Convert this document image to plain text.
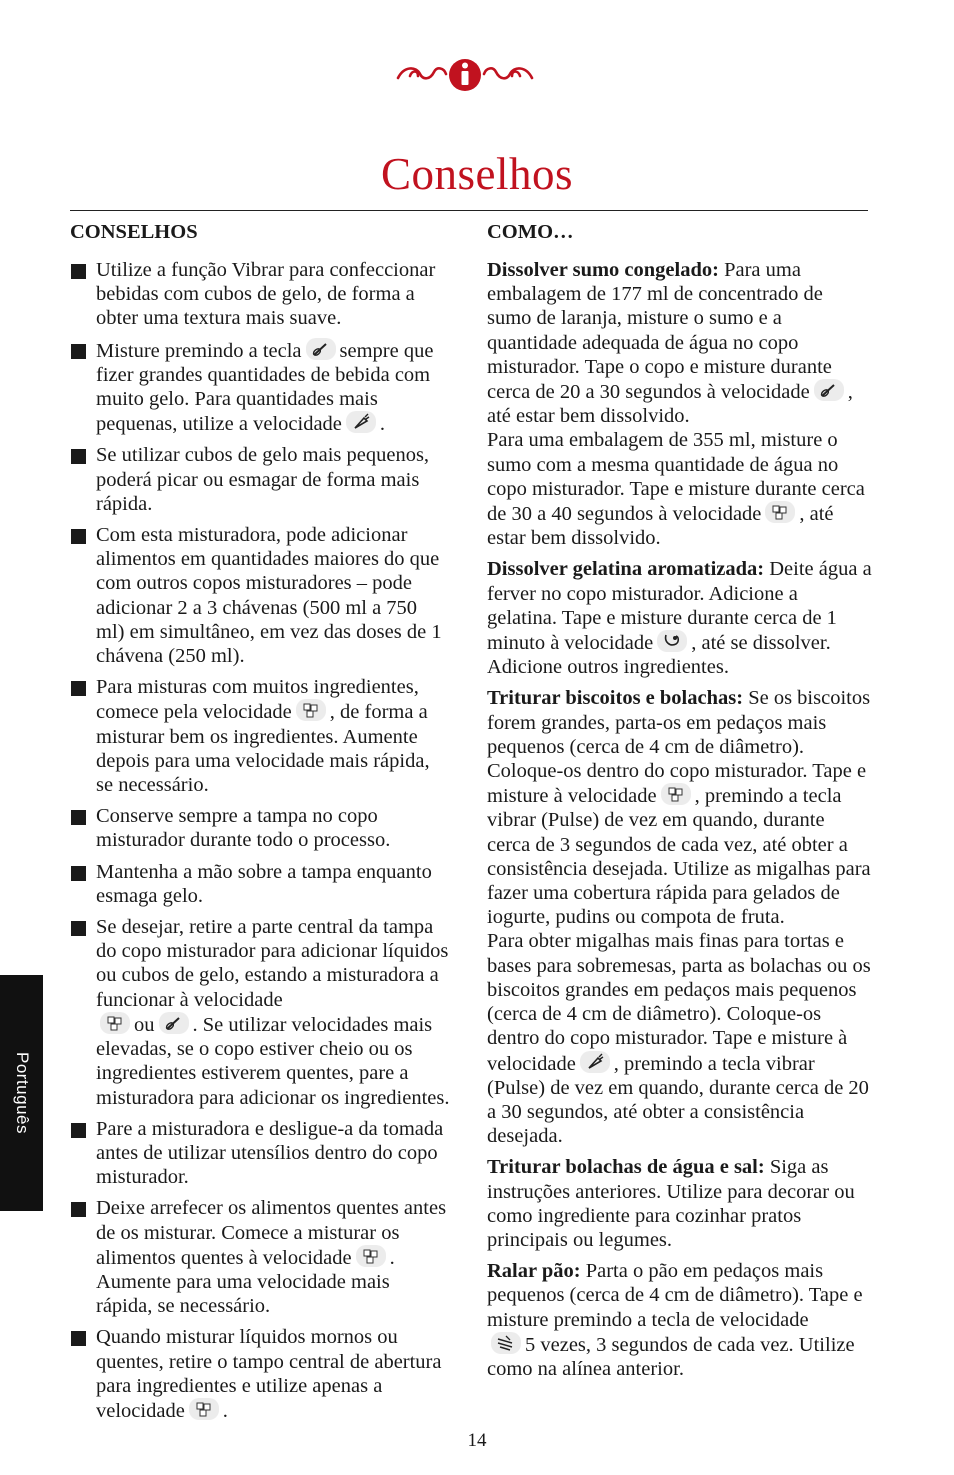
Conselhos
CONSELHOS
Utilize a função Vibrar para confeccionar bebidas com cubos de gelo, de forma a obter uma textura mais suave.
Misture premindo a tecla sempre que fizer grandes quantidades de bebida com muito gelo. Para quantidades mais pequenas, utilize a velocidade .
Se utilizar cubos de gelo mais pequenos, poderá picar ou esmagar de forma mais rápida.
Com esta misturadora, pode adicionar alimentos em quantidades maiores do que com outros copos misturadores – pode adicionar 2 a 3 chávenas (500 ml a 750 ml) em simultâneo, em vez das doses de 1 chávena (250 ml).
Para misturas com muitos ingredientes, comece pela velocidade , de forma a misturar bem os ingredientes. Aumente depois para uma velocidade mais rápida, se necessário.
Conserve sempre a tampa no copo misturador durante todo o processo.
Mantenha a mão sobre a tampa enquanto esmaga gelo.
Se desejar, retire a parte central da tampa do copo misturador para adicionar líquidos ou cubos de gelo, estando a misturadora a funcionar à velocidade

ou . Se utilizar velocidades mais elevadas, se o copo estiver cheio ou os ingredientes estiverem quentes, pare a misturadora para adicionar os ingredientes.
Pare a misturadora e desligue-a da tomada antes de utilizar utensílios dentro do copo misturador.
Deixe arrefecer os alimentos quentes antes de os misturar. Comece a misturar os alimentos quentes à velocidade . Aumente para uma velocidade mais rápida, se necessário.
Quando misturar líquidos mornos ou quentes, retire o tampo central de abertura para ingredientes e utilize apenas a velocidade .
COMO…

Dissolver sumo congelado: Para uma embalagem de 177 ml de concentrado de sumo de laranja, misture o sumo e a quantidade adequada de água no copo misturador. Tape o copo e misture durante cerca de 20 a 30 segundos à velocidade , até estar bem dissolvido.
Para uma embalagem de 355 ml, misture o sumo com a mesma quantidade de água no copo misturador. Tape e misture durante cerca de 30 a 40 segundos à velocidade , até estar bem dissolvido.

Dissolver gelatina aromatizada: Deite água a ferver no copo misturador. Adicione a gelatina. Tape e misture durante cerca de 1 minuto à velocidade , até se dissolver. Adicione outros ingredientes.

Triturar biscoitos e bolachas: Se os biscoitos forem grandes, parta-os em pedaços mais pequenos (cerca de 4 cm de diâmetro). Coloque-os dentro do copo misturador. Tape e misture à velocidade , premindo a tecla vibrar (Pulse) de vez em quando, durante cerca de 3 segundos de cada vez, até obter a consistência desejada. Utilize as migalhas para fazer uma cobertura rápida para gelados de iogurte, pudins ou compota de fruta.
Para obter migalhas mais finas para tortas e bases para sobremesas, parta as bolachas ou os biscoitos grandes em pedaços mais pequenos (cerca de 4 cm de diâmetro). Coloque-os dentro do copo misturador. Tape e misture à velocidade , premindo a tecla vibrar (Pulse) de vez em quando, durante cerca de 20 a 30 segundos, até obter a consistência desejada.

Triturar bolachas de água e sal: Siga as instruções anteriores. Utilize para decorar ou como ingrediente para cozinhar pratos principais ou legumes.

Ralar pão: Parta o pão em pedaços mais pequenos (cerca de 4 cm de diâmetro). Tape e misture premindo a tecla de velocidade

5 vezes, 3 segundos de cada vez. Utilize como na alínea anterior.

Português
14
